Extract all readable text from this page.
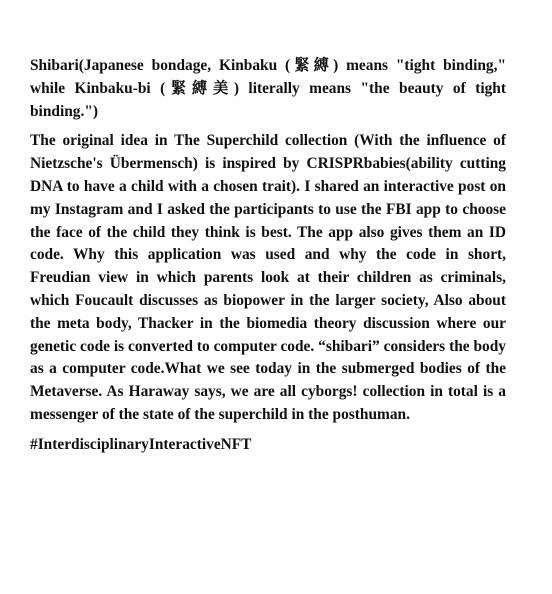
Shibari(Japanese bondage, Kinbaku (緊縛) means "tight binding," while Kinbaku-bi (緊縛美) literally means "the beauty of tight binding.")

The original idea in The Superchild collection (With the influence of Nietzsche's Übermensch) is inspired by CRISPRbabies(ability cutting DNA to have a child with a chosen trait). I shared an interactive post on my Instagram and I asked the participants to use the FBI app to choose the face of the child they think is best. The app also gives them an ID code. Why this application was used and why the code in short, Freudian view in which parents look at their children as criminals, which Foucault discusses as biopower in the larger society, Also about the meta body, Thacker in the biomedia theory discussion where our genetic code is converted to computer code. “shibari” considers the body as a computer code.What we see today in the submerged bodies of the Metaverse. As Haraway says, we are all cyborgs! collection in total is a messenger of the state of the superchild in the posthuman.

#InterdisciplinaryInteractiveNFT
